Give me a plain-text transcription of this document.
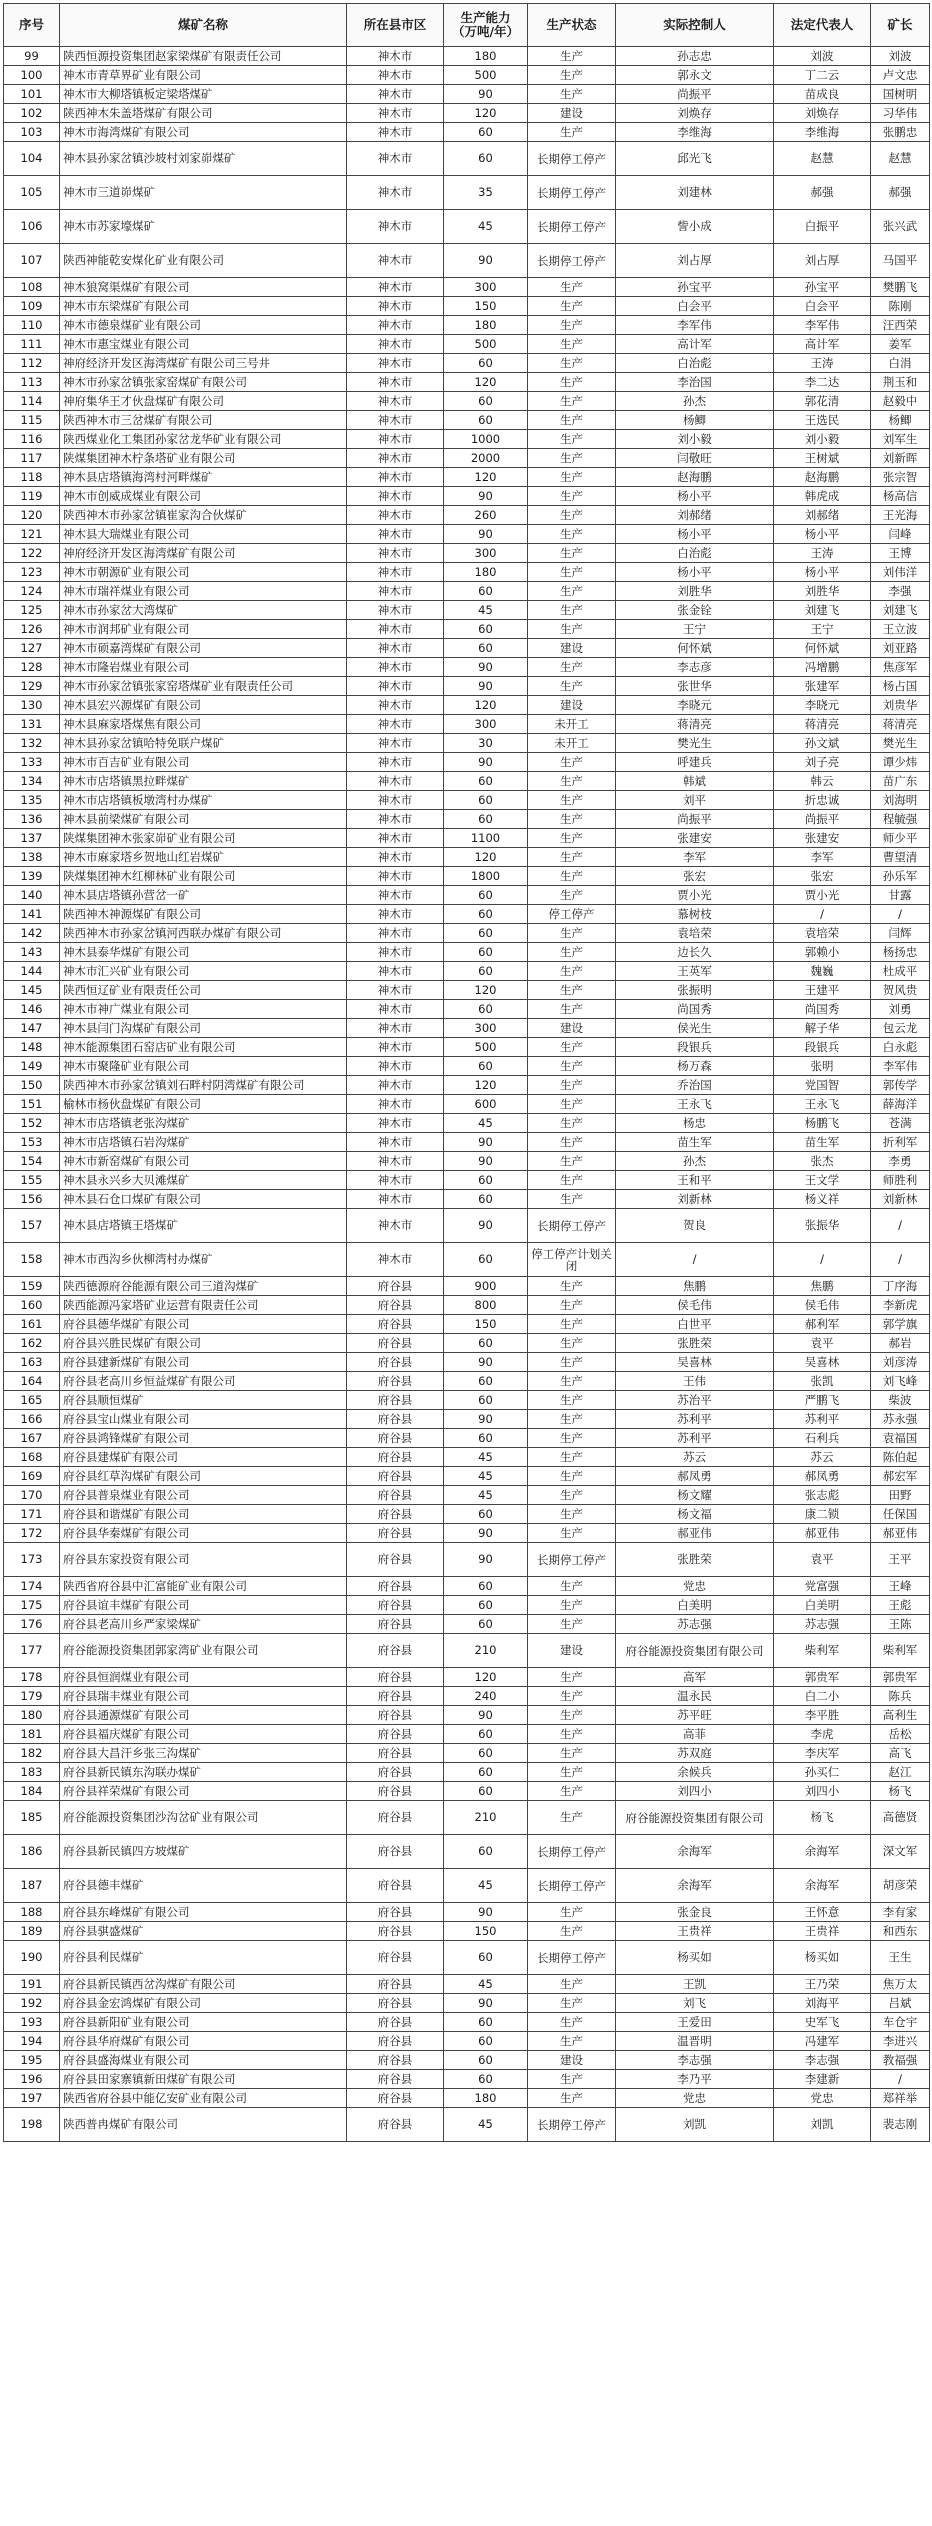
序号	煤矿名称	所在县市区	生产能力
（万吨/年）	生产状态	实际控制人	法定代表人	矿长
99	陕西恒源投资集团赵家梁煤矿有限责任公司	神木市	180	生产	孙志忠	刘波	刘波
100	神木市青草界矿业有限公司	神木市	500	生产	郭永文	丁二云	卢文忠
101	神木市大柳塔镇板定梁塔煤矿	神木市	90	生产	尚振平	苗成良	国树明
102	陕西神木朱盖塔煤矿有限公司	神木市	120	建设	刘焕存	刘焕存	习华伟
103	神木市海湾煤矿有限公司	神木市	60	生产	李维海	李维海	张鹏忠
104	神木县孙家岔镇沙坡村刘家峁煤矿	神木市	60	长期停工停产	邱光飞	赵慧	赵慧
105	神木市三道峁煤矿	神木市	35	长期停工停产	刘建林	郝强	郝强
106	神木市苏家壕煤矿	神木市	45	长期停工停产	訾小成	白振平	张兴武
107	陕西神能乾安煤化矿业有限公司	神木市	90	长期停工停产	刘占厚	刘占厚	马国平
108	神木狼窝渠煤矿有限公司	神木市	300	生产	孙宝平	孙宝平	樊鹏飞
109	神木市东梁煤矿有限公司	神木市	150	生产	白会平	白会平	陈刚
110	神木市德泉煤矿业有限公司	神木市	180	生产	李军伟	李军伟	汪西荣
111	神木市惠宝煤业有限公司	神木市	500	生产	高计军	高计军	姜军
112	神府经济开发区海湾煤矿有限公司三号井	神木市	60	生产	白治彪	王涛	白涓
113	神木市孙家岔镇张家窑煤矿有限公司	神木市	120	生产	李治国	李二达	荆玉和
114	神府集华王才伙盘煤矿有限公司	神木市	60	生产	孙杰	郭花清	赵毅中
115	陕西神木市三岔煤矿有限公司	神木市	60	生产	杨鲫	王选民	杨鲫
116	陕西煤业化工集团孙家岔龙华矿业有限公司	神木市	1000	生产	刘小毅	刘小毅	刘军生
117	陕煤集团神木柠条塔矿业有限公司	神木市	2000	生产	闫敬旺	王树斌	刘新晖
118	神木县店塔镇海湾村河畔煤矿	神木市	120	生产	赵海鹏	赵海鹏	张宗智
119	神木市创威成煤业有限公司	神木市	90	生产	杨小平	韩虎成	杨高信
120	陕西神木市孙家岔镇崔家沟合伙煤矿	神木市	260	生产	刘郝绪	刘郝绪	王光海
121	神木县大瑞煤业有限公司	神木市	90	生产	杨小平	杨小平	闫峰
122	神府经济开发区海湾煤矿有限公司	神木市	300	生产	白治彪	王涛	王博
123	神木市朝源矿业有限公司	神木市	180	生产	杨小平	杨小平	刘伟洋
124	神木市瑞祥煤业有限公司	神木市	60	生产	刘胜华	刘胜华	李强
125	神木市孙家岔大湾煤矿	神木市	45	生产	张金铨	刘建飞	刘建飞
126	神木市润邦矿业有限公司	神木市	60	生产	王宁	王宁	王立波
127	神木市硕嘉湾煤矿有限公司	神木市	60	建设	何怀斌	何怀斌	刘亚路
128	神木市隆岩煤业有限公司	神木市	90	生产	李志彦	冯增鹏	焦彦军
129	神木市孙家岔镇张家窑塔煤矿业有限责任公司	神木市	90	生产	张世华	张建军	杨占国
130	神木县宏兴源煤矿有限公司	神木市	120	建设	李晓元	李晓元	刘贵华
131	神木县麻家塔煤焦有限公司	神木市	300	未开工	蒋清亮	蒋清亮	蒋清亮
132	神木县孙家岔镇哈特免联户煤矿	神木市	30	未开工	樊光生	孙文斌	樊光生
133	神木市百吉矿业有限公司	神木市	90	生产	呼建兵	刘子亮	谭少炜
134	神木市店塔镇黑拉畔煤矿	神木市	60	生产	韩斌	韩云	苗广东
135	神木市店塔镇板墩湾村办煤矿	神木市	60	生产	刘平	折忠诚	刘海明
136	神木县前梁煤矿有限公司	神木市	60	生产	尚振平	尚振平	程毓强
137	陕煤集团神木张家峁矿业有限公司	神木市	1100	生产	张建安	张建安	师少平
138	神木市麻家塔乡贺地山红岩煤矿	神木市	120	生产	李军	李军	曹望清
139	陕煤集团神木红柳林矿业有限公司	神木市	1800	生产	张宏	张宏	孙乐军
140	神木县店塔镇孙营岔一矿	神木市	60	生产	贾小光	贾小光	甘露
141	陕西神木神源煤矿有限公司	神木市	60	停工停产	慕树枝	/	/
142	陕西神木市孙家岔镇河西联办煤矿有限公司	神木市	60	生产	袁培荣	袁培荣	闫辉
143	神木县泰华煤矿有限公司	神木市	60	生产	边长久	郭赖小	杨扬忠
144	神木市汇兴矿业有限公司	神木市	60	生产	王英军	魏巍	杜成平
145	陕西恒辽矿业有限责任公司	神木市	120	生产	张振明	王建平	贺风贵
146	神木市神广煤业有限公司	神木市	60	生产	尚国秀	尚国秀	刘勇
147	神木县闫门沟煤矿有限公司	神木市	300	建设	侯光生	解子华	包云龙
148	神木能源集团石窑店矿业有限公司	神木市	500	生产	段银兵	段银兵	白永彪
149	神木市聚隆矿业有限公司	神木市	60	生产	杨万森	张明	李军伟
150	陕西神木市孙家岔镇刘石畔村阴湾煤矿有限公司	神木市	120	生产	乔治国	党国智	郭传学
151	榆林市杨伙盘煤矿有限公司	神木市	600	生产	王永飞	王永飞	薛海洋
152	神木市店塔镇老张沟煤矿	神木市	45	生产	杨忠	杨鹏飞	苍满
153	神木市店塔镇石岩沟煤矿	神木市	90	生产	苗生军	苗生军	折利军
154	神木市新窑煤矿有限公司	神木市	90	生产	孙杰	张杰	李勇
155	神木县永兴乡大贝滩煤矿	神木市	60	生产	王和平	王文学	师胜利
156	神木县石仓口煤矿有限公司	神木市	60	生产	刘新林	杨义祥	刘新林
157	神木县店塔镇王塔煤矿	神木市	90	长期停工停产	贺良	张振华	/
158	神木市西沟乡伙柳湾村办煤矿	神木市	60	停工停产计划关闭	/	/	/
159	陕西德源府谷能源有限公司三道沟煤矿	府谷县	900	生产	焦鹏	焦鹏	丁序海
160	陕西能源冯家塔矿业运营有限责任公司	府谷县	800	生产	侯毛伟	侯毛伟	李新虎
161	府谷县德华煤矿有限公司	府谷县	150	生产	白世平	郝利军	郭学旗
162	府谷县兴胜民煤矿有限公司	府谷县	60	生产	张胜荣	袁平	郝岩
163	府谷县建新煤矿有限公司	府谷县	90	生产	吴喜林	吴喜林	刘彦涛
164	府谷县老高川乡恒益煤矿有限公司	府谷县	60	生产	王伟	张凯	刘飞峰
165	府谷县顺恒煤矿	府谷县	60	生产	苏治平	严鹏飞	柴波
166	府谷县宝山煤业有限公司	府谷县	90	生产	苏利平	苏利平	苏永强
167	府谷县鸿锋煤矿有限公司	府谷县	60	生产	苏利平	石利兵	袁福国
168	府谷县建煤矿有限公司	府谷县	45	生产	苏云	苏云	陈伯起
169	府谷县红草沟煤矿有限公司	府谷县	45	生产	郝凤勇	郝凤勇	郝宏军
170	府谷县普泉煤业有限公司	府谷县	45	生产	杨文耀	张志彪	田野
171	府谷县和谐煤矿有限公司	府谷县	60	生产	杨文福	康二锁	任保国
172	府谷县华秦煤矿有限公司	府谷县	90	生产	郝亚伟	郝亚伟	郝亚伟
173	府谷县东家投资有限公司	府谷县	90	长期停工停产	张胜荣	袁平	王平
174	陕西省府谷县中汇富能矿业有限公司	府谷县	60	生产	党忠	党富强	王峰
175	府谷县谊丰煤矿有限公司	府谷县	60	生产	白美明	白美明	王彪
176	府谷县老高川乡严家梁煤矿	府谷县	60	生产	苏志强	苏志强	王陈
177	府谷能源投资集团郭家湾矿业有限公司	府谷县	210	建设	府谷能源投资集团有限公司	柴利军	柴利军
178	府谷县恒润煤业有限公司	府谷县	120	生产	高军	郭贵军	郭贵军
179	府谷县瑞丰煤业有限公司	府谷县	240	生产	温永民	白二小	陈兵
180	府谷县通源煤矿有限公司	府谷县	90	生产	苏平旺	李平胜	高利生
181	府谷县福庆煤矿有限公司	府谷县	60	生产	高菲	李虎	岳松
182	府谷县大昌汗乡张三沟煤矿	府谷县	60	生产	苏双庭	李庆军	高飞
183	府谷县新民镇东沟联办煤矿	府谷县	60	生产	余候兵	孙买仁	赵江
184	府谷县祥荣煤矿有限公司	府谷县	60	生产	刘四小	刘四小	杨飞
185	府谷能源投资集团沙沟岔矿业有限公司	府谷县	210	生产	府谷能源投资集团有限公司	杨飞	高德贤
186	府谷县新民镇四方坡煤矿	府谷县	60	长期停工停产	余海军	余海军	深文军
187	府谷县德丰煤矿	府谷县	45	长期停工停产	余海军	余海军	胡彦荣
188	府谷县东峰煤矿有限公司	府谷县	90	生产	张金良	王怀意	李有家
189	府谷县骐盛煤矿	府谷县	150	生产	王贵祥	王贵祥	和西东
190	府谷县利民煤矿	府谷县	60	长期停工停产	杨买如	杨买如	王生
191	府谷县新民镇西岔沟煤矿有限公司	府谷县	45	生产	王凯	王乃荣	焦万太
192	府谷县金宏鸿煤矿有限公司	府谷县	90	生产	刘飞	刘海平	吕斌
193	府谷县新阳矿业有限公司	府谷县	60	生产	王爱田	史军飞	车仓宇
194	府谷县华府煤矿有限公司	府谷县	60	生产	温晋明	冯建军	李进兴
195	府谷县盛海煤业有限公司	府谷县	60	建设	李志强	李志强	教福强
196	府谷县田家寨镇新田煤矿有限公司	府谷县	60	生产	李乃平	李建新	/
197	陕西省府谷县中能亿安矿业有限公司	府谷县	180	生产	党忠	党忠	郑祥举
198	陕西普冉煤矿有限公司	府谷县	45	长期停工停产	刘凯	刘凯	裴志刚
